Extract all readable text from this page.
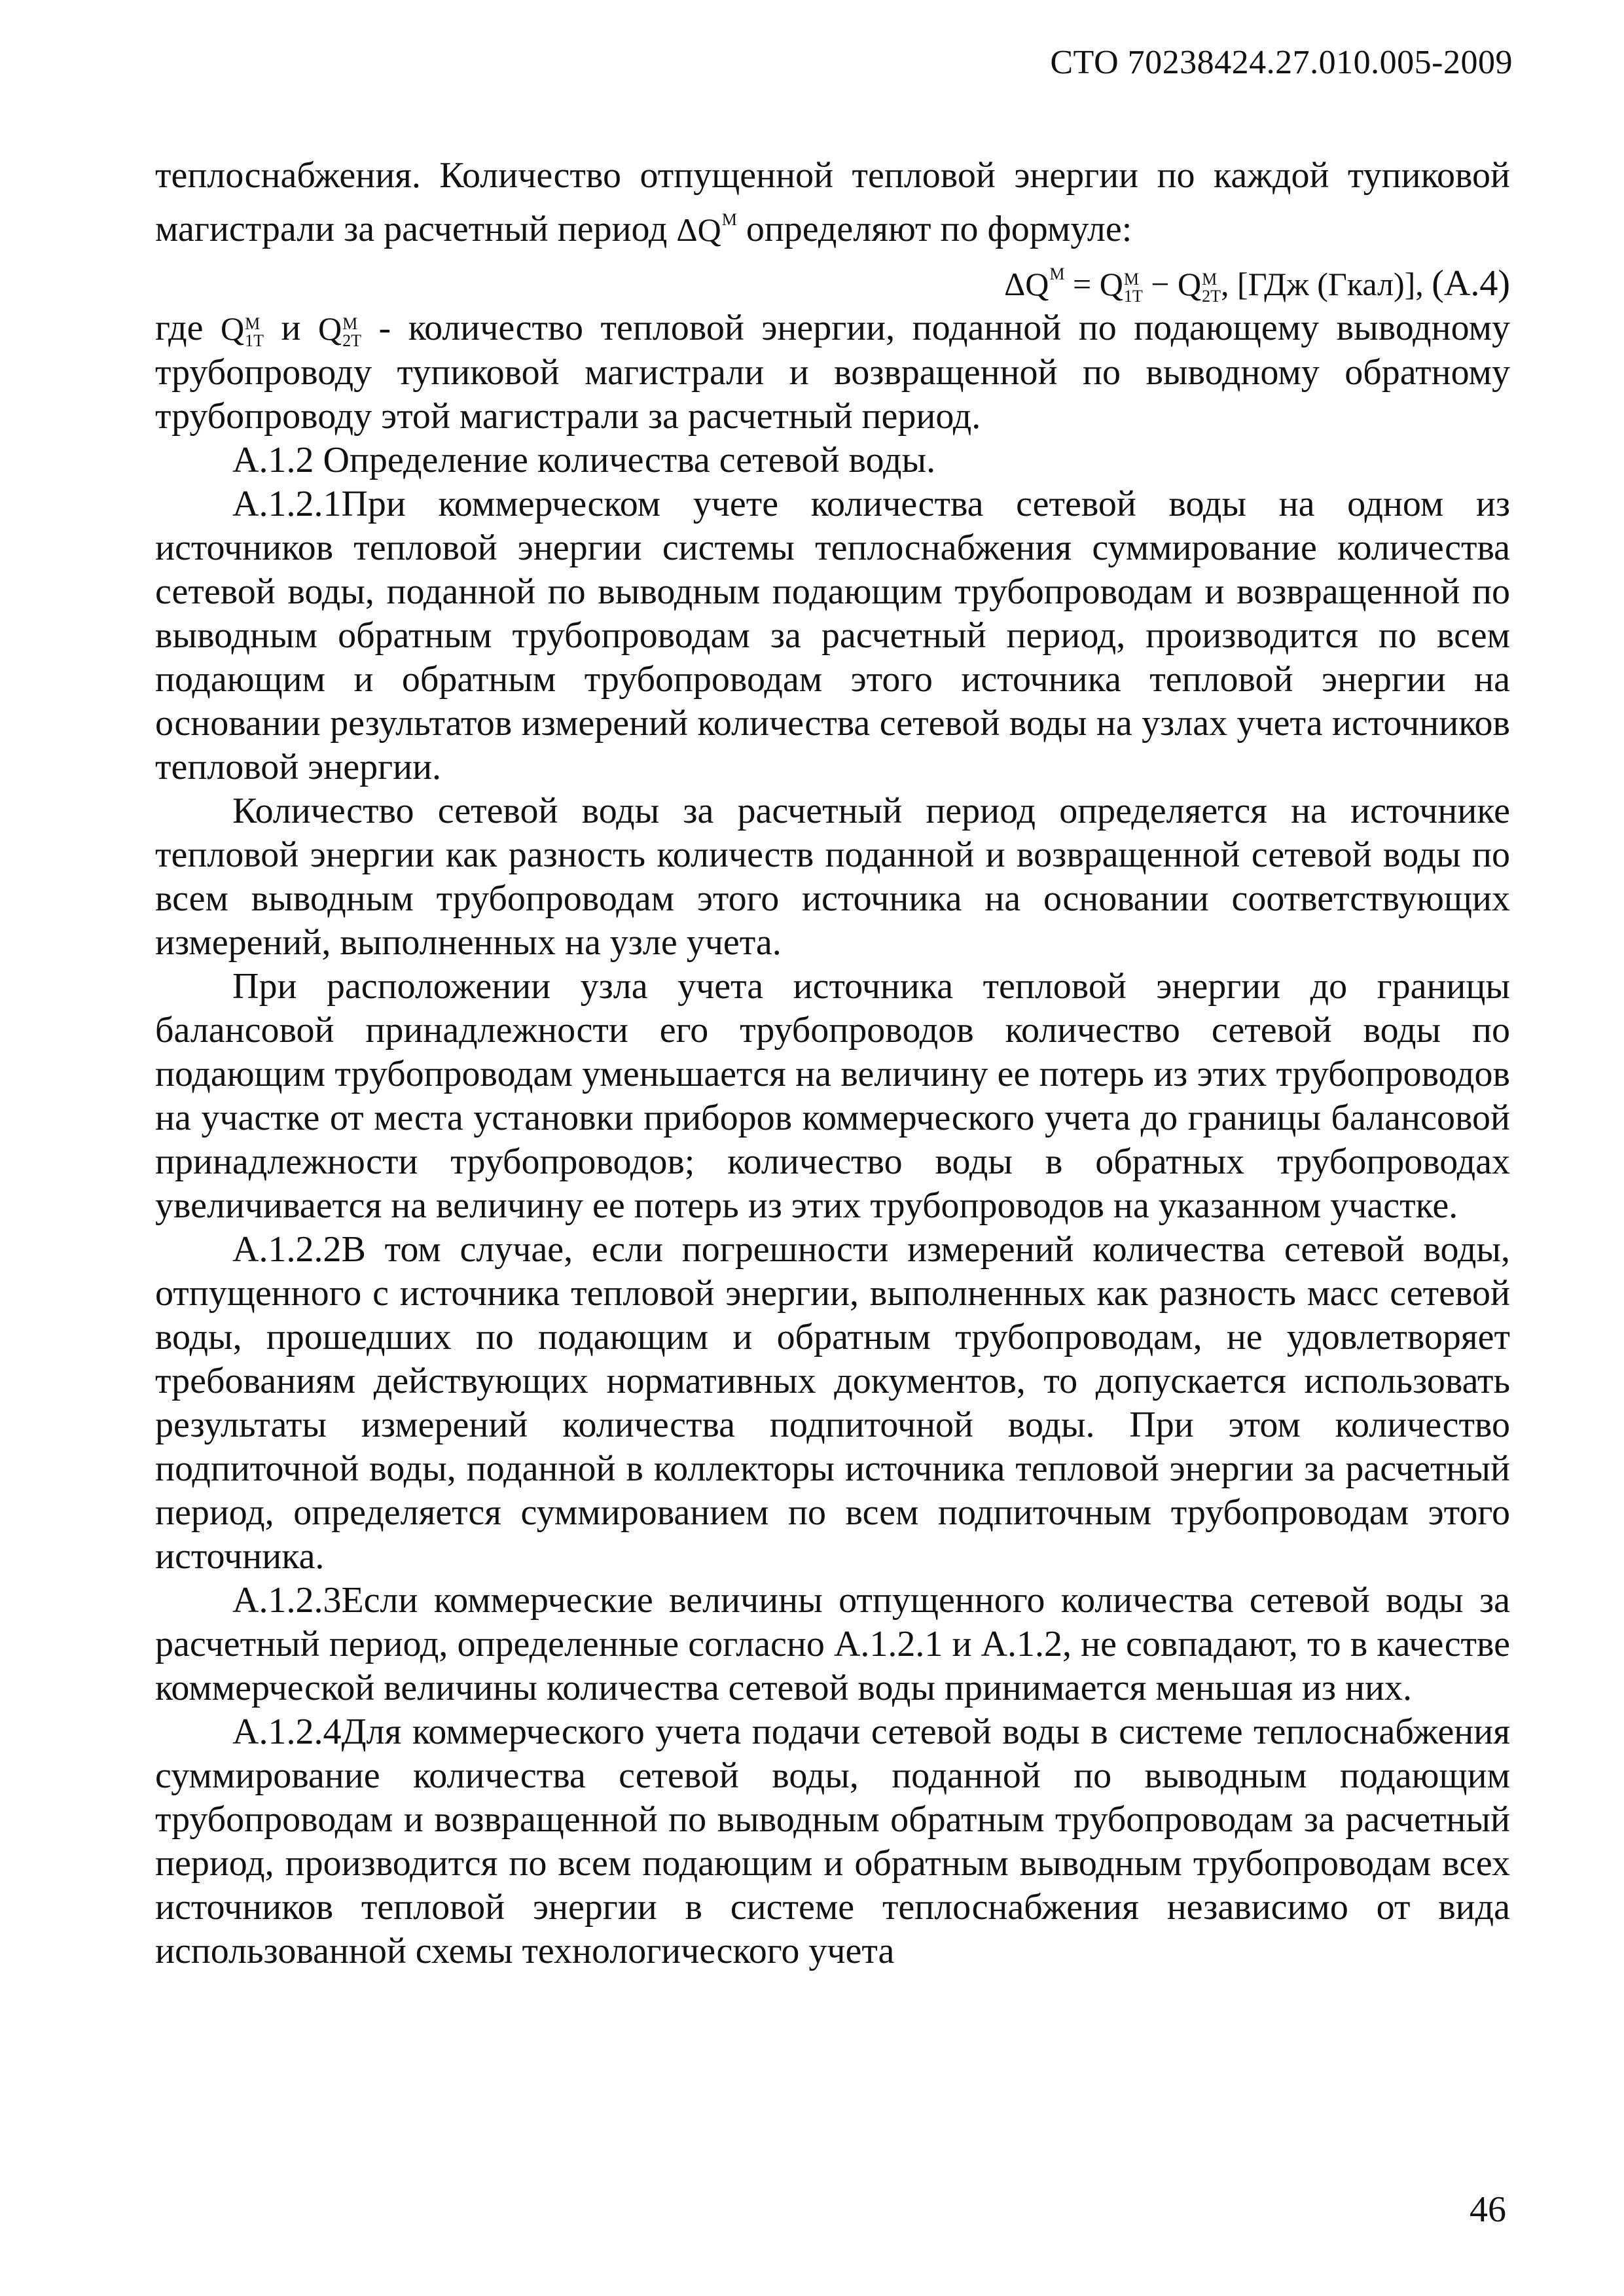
СТО 70238424.27.010.005-2009

теплоснабжения. Количество отпущенной тепловой энергии по каждой тупиковой магистрали за расчетный период $\Delta Q^M$ определяют по формуле:

$\Delta Q^M = Q$ M
1T − Q M
2T , [ГДж (Гкал)], (А.4)

где Q M
1T и Q M
2T - количество тепловой энергии, поданной по подающему выводному трубопроводу тупиковой магистрали и возвращенной по выводному обратному трубопроводу этой магистрали за расчетный период.

А.1.2 Определение количества сетевой воды.

А.1.2.1При коммерческом учете количества сетевой воды на одном из источников тепловой энергии системы теплоснабжения суммирование количества сетевой воды, поданной по выводным подающим трубопроводам и возвращенной по выводным обратным трубопроводам за расчетный период, производится по всем подающим и обратным трубопроводам этого источника тепловой энергии на основании результатов измерений количества сетевой воды на узлах учета источников тепловой энергии.

Количество сетевой воды за расчетный период определяется на источнике тепловой энергии как разность количеств поданной и возвращенной сетевой воды по всем выводным трубопроводам этого источника на основании соответствующих измерений, выполненных на узле учета.

При расположении узла учета источника тепловой энергии до границы балансовой принадлежности его трубопроводов количество сетевой воды по подающим трубопроводам уменьшается на величину ее потерь из этих трубопроводов на участке от места установки приборов коммерческого учета до границы балансовой принадлежности трубопроводов; количество воды в обратных трубопроводах увеличивается на величину ее потерь из этих трубопроводов на указанном участке.

А.1.2.2В том случае, если погрешности измерений количества сетевой воды, отпущенного с источника тепловой энергии, выполненных как разность масс сетевой воды, прошедших по подающим и обратным трубопроводам, не удовлетворяет требованиям действующих нормативных документов, то допускается использовать результаты измерений количества подпиточной воды. При этом количество подпиточной воды, поданной в коллекторы источника тепловой энергии за расчетный период, определяется суммированием по всем подпиточным трубопроводам этого источника.

А.1.2.3Если коммерческие величины отпущенного количества сетевой воды за расчетный период, определенные согласно А.1.2.1 и А.1.2, не совпадают, то в качестве коммерческой величины количества сетевой воды принимается меньшая из них.

А.1.2.4Для коммерческого учета подачи сетевой воды в системе теплоснабжения суммирование количества сетевой воды, поданной по выводным подающим трубопроводам и возвращенной по выводным обратным трубопроводам за расчетный период, производится по всем подающим и обратным выводным трубопроводам всех источников тепловой энергии в системе теплоснабжения независимо от вида использованной схемы технологического учета

46
